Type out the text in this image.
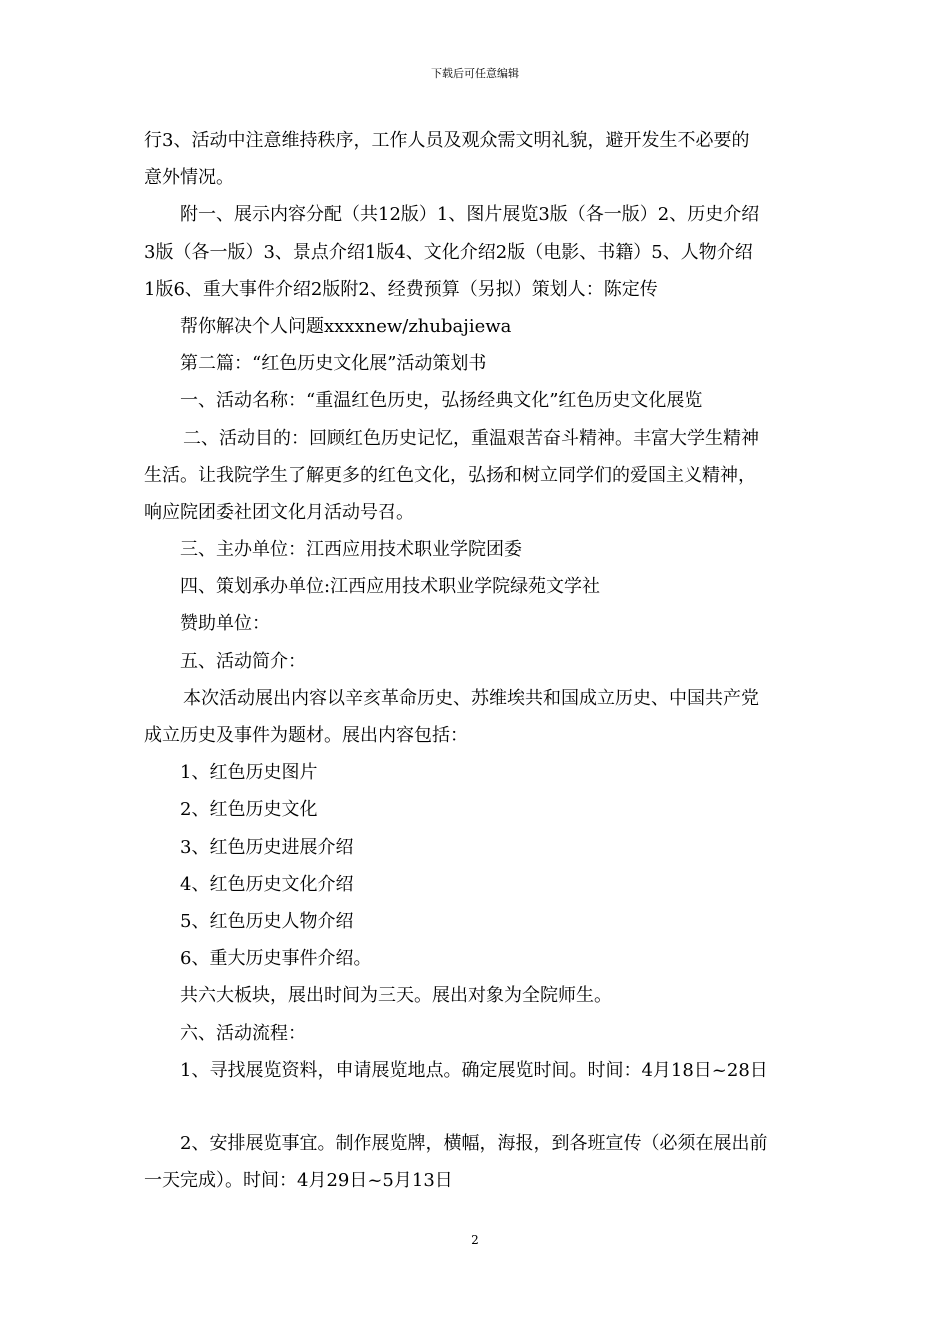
下载后可任意编辑
行3、活动中注意维持秩序，工作人员及观众需文明礼貌，避开发生不必要的
意外情况。
附一、展示内容分配（共12版）1、图片展览3版（各一版）2、历史介绍
3版（各一版）3、景点介绍1版4、文化介绍2版（电影、书籍）5、人物介绍
1版6、重大事件介绍2版附2、经费预算（另拟）策划人：陈定传
帮你解决个人问题xxxxnew/zhubajiewa
第二篇：“红色历史文化展”活动策划书
一、活动名称：“重温红色历史，弘扬经典文化”红色历史文化展览
二、活动目的：回顾红色历史记忆，重温艰苦奋斗精神。丰富大学生精神
生活。让我院学生了解更多的红色文化，弘扬和树立同学们的爱国主义精神，
响应院团委社团文化月活动号召。
三、主办单位：江西应用技术职业学院团委
四、策划承办单位:江西应用技术职业学院绿苑文学社
赞助单位：
五、活动简介：
本次活动展出内容以辛亥革命历史、苏维埃共和国成立历史、中国共产党
成立历史及事件为题材。展出内容包括：
1、红色历史图片
2、红色历史文化
3、红色历史进展介绍
4、红色历史文化介绍
5、红色历史人物介绍
6、重大历史事件介绍。
共六大板块，展出时间为三天。展出对象为全院师生。
六、活动流程：
1、寻找展览资料，申请展览地点。确定展览时间。时间：4月18日~28日
2、安排展览事宜。制作展览牌，横幅，海报，到各班宣传（必须在展出前
一天完成）。时间：4月29日~5月13日
2
